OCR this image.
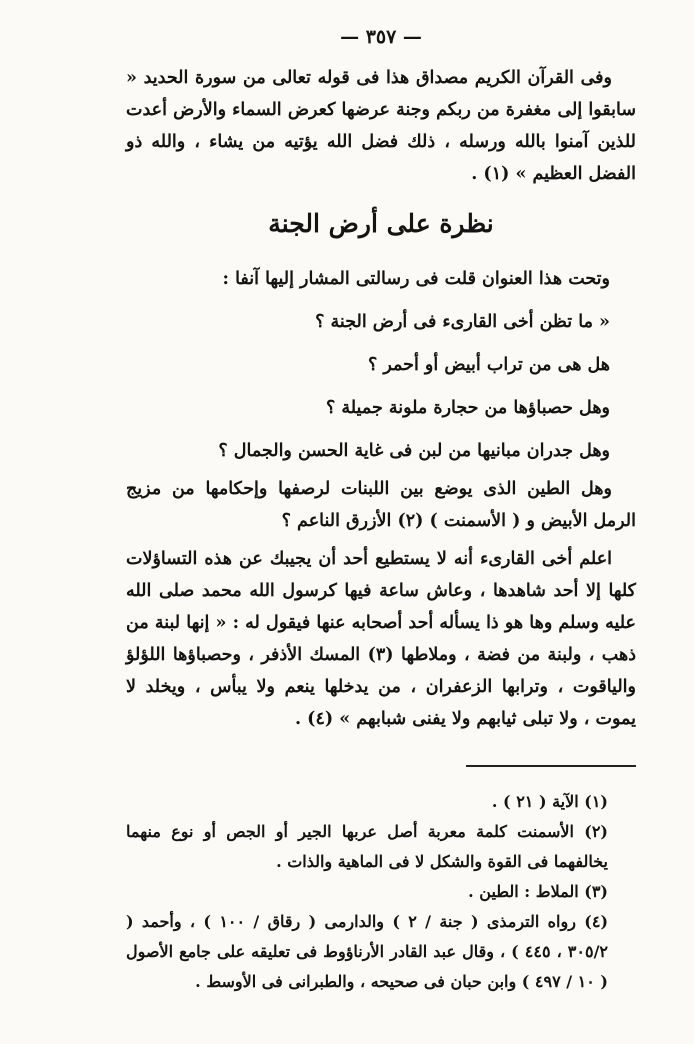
— ٣٥٧ —

وفى القرآن الكريم مصداق هذا فى قوله تعالى من سورة الحديد « سابقوا إلى مغفرة من ربكم وجنة عرضها كعرض السماء والأرض أعدت للذين آمنوا بالله ورسله ، ذلك فضل الله يؤتيه من يشاء ، والله ذو الفضل العظيم » (١) .

نظرة على أرض الجنة

وتحت هذا العنوان قلت فى رسالتى المشار إليها آنفا :

« ما تظن أخى القارىء فى أرض الجنة ؟

هل هى من تراب أبيض أو أحمر ؟

وهل حصباؤها من حجارة ملونة جميلة ؟

وهل جدران مبانيها من لبن فى غاية الحسن والجمال ؟

وهل الطين الذى يوضع بين اللبنات لرصفها وإحكامها من مزيج الرمل الأبيض و ( الأسمنت ) (٢) الأزرق الناعم ؟

اعلم أخى القارىء أنه لا يستطيع أحد أن يجيبك عن هذه التساؤلات كلها إلا أحد شاهدها ، وعاش ساعة فيها كرسول الله محمد صلى الله عليه وسلم وها هو ذا يسأله أحد أصحابه عنها فيقول له : « إنها لبنة من ذهب ، ولبنة من فضة ، وملاطها (٣) المسك الأذفر ، وحصباؤها اللؤلؤ والياقوت ، وترابها الزعفران ، من يدخلها ينعم ولا يبأس ، ويخلد لا يموت ، ولا تبلى ثيابهم ولا يفنى شبابهم » (٤) .

(١) الآية ( ٢١ ) .

(٢) الأسمنت كلمة معربة أصل عربها الجير أو الجص أو نوع منهما يخالفهما فى القوة والشكل لا فى الماهية والذات .

(٣) الملاط : الطين .

(٤) رواه الترمذى ( جنة / ٢ ) والدارمى ( رقاق / ١٠٠ ) ، وأحمد ( ٣٠٥/٢ ، ٤٤٥ ) ، وقال عبد القادر الأرناؤوط فى تعليقه على جامع الأصول ( ١٠ / ٤٩٧ ) وابن حبان فى صحيحه ، والطبرانى فى الأوسط .
